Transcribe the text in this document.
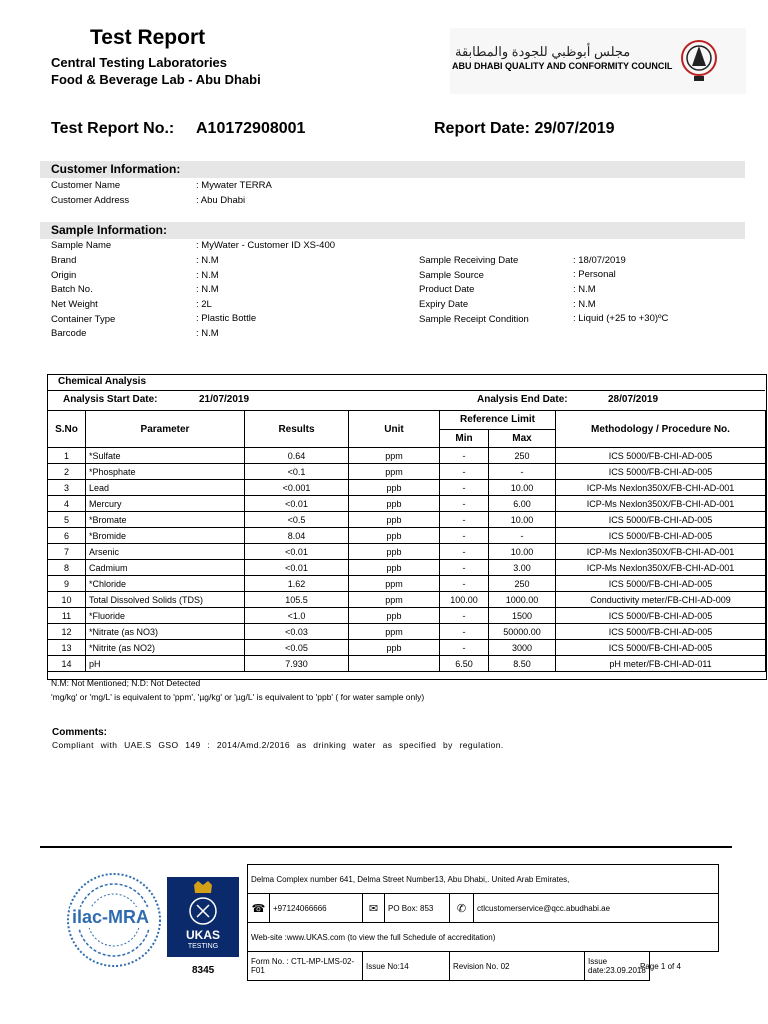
Test Report
Central Testing Laboratories
Food & Beverage Lab - Abu Dhabi
مجلس أبوظبي للجودة والمطابقة
ABU DHABI QUALITY AND CONFORMITY COUNCIL
Test Report No.: A10172908001	Report Date: 29/07/2019
Customer Information:
Customer Name	: Mywater TERRA
Customer Address	: Abu Dhabi
Sample Information:
Sample Name	: MyWater - Customer ID XS-400
Brand	: N.M
Origin	: N.M
Batch No.	: N.M
Net Weight	: 2L
Container Type	: Plastic Bottle
Barcode	: N.M
Sample Receiving Date	: 18/07/2019
Sample Source	: Personal
Product Date	: N.M
Expiry Date	: N.M
Sample Receipt Condition	: Liquid (+25 to +30)ºC
Chemical Analysis
Analysis Start Date:	21/07/2019	Analysis End Date:	28/07/2019
S.No	Parameter	Results	Unit	Reference Limit		Methodology / Procedure No.
				Min	Max	
1	*Sulfate	0.64	ppm	-	250	ICS 5000/FB-CHI-AD-005
2	*Phosphate	<0.1	ppm	-	-	ICS 5000/FB-CHI-AD-005
3	Lead	<0.001	ppb	-	10.00	ICP-Ms Nexlon350X/FB-CHI-AD-001
4	Mercury	<0.01	ppb	-	6.00	ICP-Ms Nexlon350X/FB-CHI-AD-001
5	*Bromate	<0.5	ppb	-	10.00	ICS 5000/FB-CHI-AD-005
6	*Bromide	8.04	ppb	-	-	ICS 5000/FB-CHI-AD-005
7	Arsenic	<0.01	ppb	-	10.00	ICP-Ms Nexlon350X/FB-CHI-AD-001
8	Cadmium	<0.01	ppb	-	3.00	ICP-Ms Nexlon350X/FB-CHI-AD-001
9	*Chloride	1.62	ppm	-	250	ICS 5000/FB-CHI-AD-005
10	Total Dissolved Solids (TDS)	105.5	ppm	100.00	1000.00	Conductivity meter/FB-CHI-AD-009
11	*Fluoride	<1.0	ppb	-	1500	ICS 5000/FB-CHI-AD-005
12	*Nitrate (as NO3)	<0.03	ppm	-	50000.00	ICS 5000/FB-CHI-AD-005
13	*Nitrite (as NO2)	<0.05	ppb	-	3000	ICS 5000/FB-CHI-AD-005
14	pH	7.930		6.50	8.50	pH meter/FB-CHI-AD-011
N.M: Not Mentioned; N.D: Not Detected
'mg/kg' or 'mg/L' is equivalent to 'ppm', 'µg/kg' or 'µg/L' is equivalent to 'ppb' ( for water sample only)
Comments:
Compliant with UAE.S GSO 149 : 2014/Amd.2/2016 as drinking water as specified by regulation.
ilac-MRA
UKAS
TESTING
8345
Delma Complex number 641, Delma Street Number13, Abu Dhabi,. United Arab Emirates,						
☎	+97124066666	✉	PO Box: 853	✆	ctlcustomerservice@qcc.abudhabi.ae	
Web-site :www.UKAS.com (to view the full Schedule of accreditation)						
Form No. : CTL-MP-LMS-02-F01		Issue No:14		Revision No. 02		Issue date:23.09.2018
Page 1 of 4
